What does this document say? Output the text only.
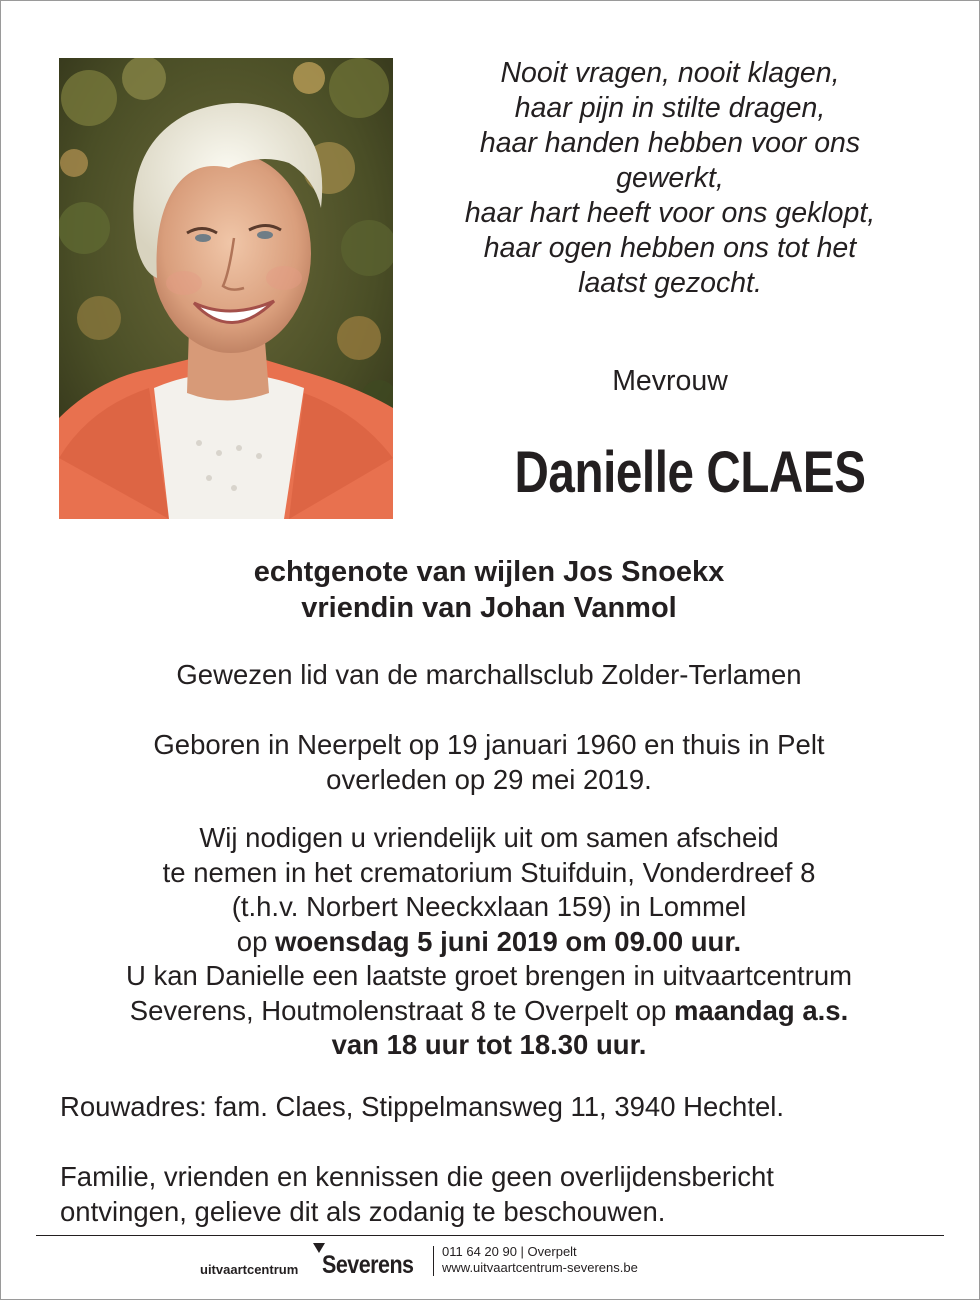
Nooit vragen, nooit klagen,
haar pijn in stilte dragen,
haar handen hebben voor ons
gewerkt,
haar hart heeft voor ons geklopt,
haar ogen hebben ons tot het
laatst gezocht.
Mevrouw
Danielle CLAES
echtgenote van wijlen Jos Snoekx
vriendin van Johan Vanmol
Gewezen lid van de marchallsclub Zolder-Terlamen
Geboren in Neerpelt op 19 januari 1960 en thuis in Pelt
overleden op 29 mei 2019.
Wij nodigen u vriendelijk uit om samen afscheid
te nemen in het crematorium Stuifduin, Vonderdreef 8
(t.h.v. Norbert Neeckxlaan 159) in Lommel
op woensdag 5 juni 2019 om 09.00 uur.
U kan Danielle een laatste groet brengen in uitvaartcentrum
Severens, Houtmolenstraat 8 te Overpelt op maandag a.s.
van 18 uur tot 18.30 uur.
Rouwadres: fam. Claes, Stippelmansweg 11, 3940 Hechtel.
Familie, vrienden en kennissen die geen overlijdensbericht
ontvingen, gelieve dit als zodanig te beschouwen.
uitvaartcentrum Severens 011 64 20 90 | Overpelt
www.uitvaartcentrum-severens.be
